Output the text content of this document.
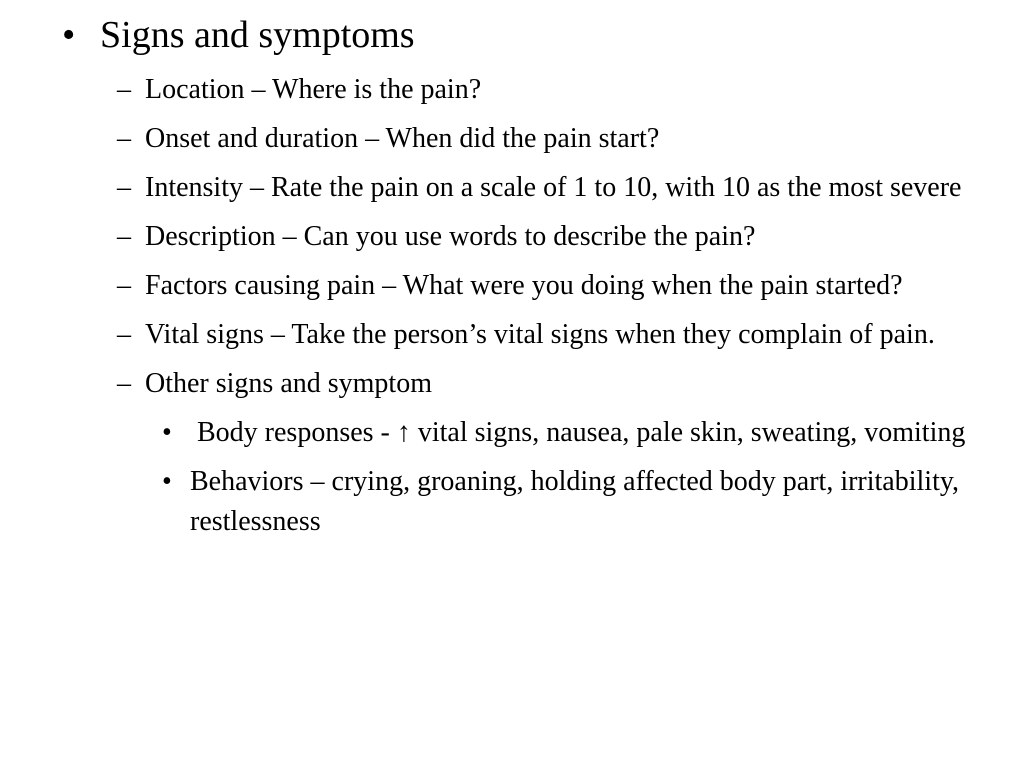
• Signs and symptoms
– Location – Where is the pain?
– Onset and duration – When did the pain start?
– Intensity – Rate the pain on a scale of 1 to 10, with 10 as the most severe
– Description – Can you use words to describe the pain?
– Factors causing pain – What were you doing when the pain started?
– Vital signs – Take the person’s vital signs when they complain of pain.
– Other signs and symptom
• Body responses - ↑ vital signs, nausea, pale skin, sweating, vomiting
• Behaviors – crying, groaning, holding affected body part, irritability, restlessness
